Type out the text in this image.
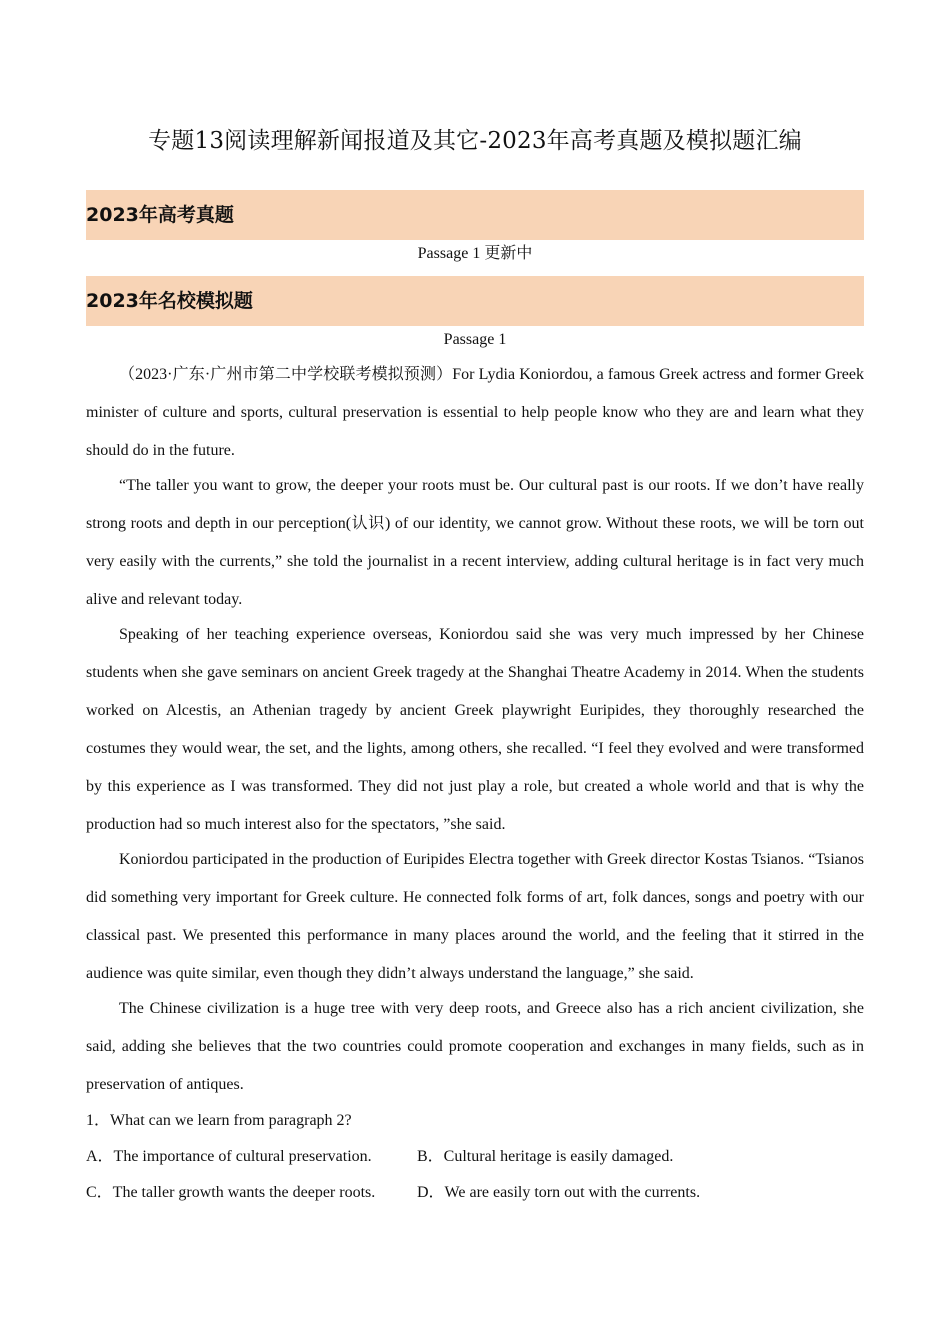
专题13阅读理解新闻报道及其它-2023年高考真题及模拟题汇编
2023年高考真题
Passage 1 更新中
2023年名校模拟题
Passage 1

（2023·广东·广州市第二中学校联考模拟预测）For Lydia Koniordou, a famous Greek actress and former Greek minister of culture and sports, cultural preservation is essential to help people know who they are and learn what they should do in the future.

“The taller you want to grow, the deeper your roots must be. Our cultural past is our roots. If we don’t have really strong roots and depth in our perception(认识) of our identity, we cannot grow. Without these roots, we will be torn out very easily with the currents,” she told the journalist in a recent interview, adding cultural heritage is in fact very much alive and relevant today.

Speaking of her teaching experience overseas, Koniordou said she was very much impressed by her Chinese students when she gave seminars on ancient Greek tragedy at the Shanghai Theatre Academy in 2014. When the students worked on Alcestis, an Athenian tragedy by ancient Greek playwright Euripides, they thoroughly researched the costumes they would wear, the set, and the lights, among others, she recalled. “I feel they evolved and were transformed by this experience as I was transformed. They did not just play a role, but created a whole world and that is why the production had so much interest also for the spectators, ”she said.

Koniordou participated in the production of Euripides Electra together with Greek director Kostas Tsianos. “Tsianos did something very important for Greek culture. He connected folk forms of art, folk dances, songs and poetry with our classical past. We presented this performance in many places around the world, and the feeling that it stirred in the audience was quite similar, even though they didn’t always understand the language,” she said.

The Chinese civilization is a huge tree with very deep roots, and Greece also has a rich ancient civilization, she said, adding she believes that the two countries could promote cooperation and exchanges in many fields, such as in preservation of antiques.

1．What can we learn from paragraph 2?
A．The importance of cultural preservation.	B．Cultural heritage is easily damaged.
C．The taller growth wants the deeper roots.	D．We are easily torn out with the currents.
